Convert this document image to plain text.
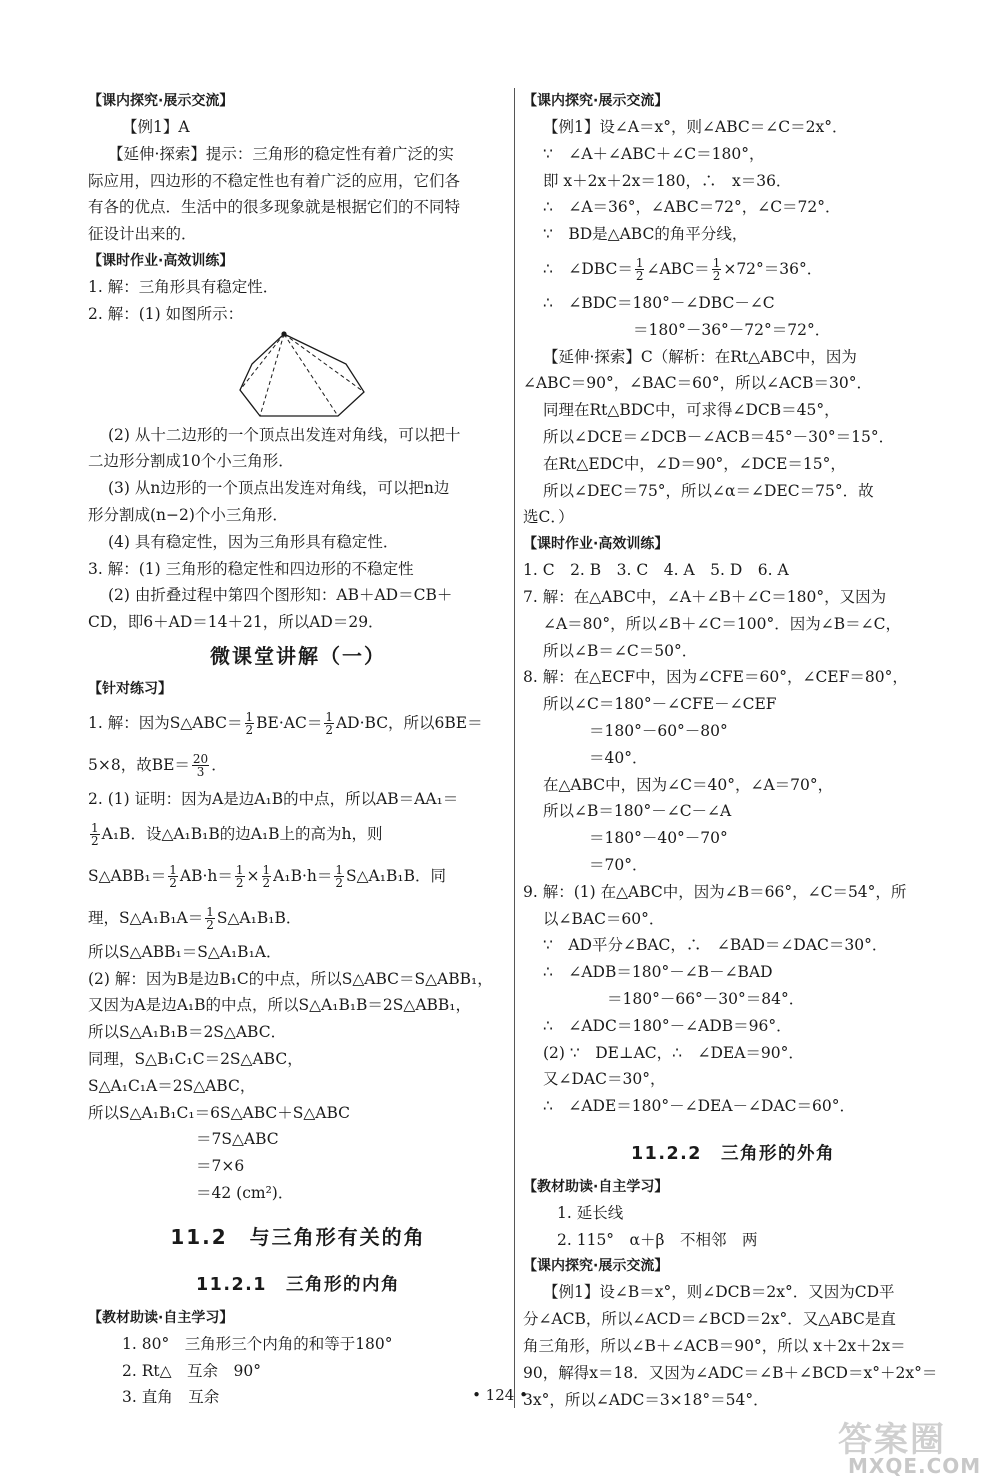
【课内探究·展示交流】
【例1】A
【延伸·探索】提示：三角形的稳定性有着广泛的实
际应用，四边形的不稳定性也有着广泛的应用，它们各
有各的优点．生活中的很多现象就是根据它们的不同特
征设计出来的．
【课时作业·高效训练】
1. 解：三角形具有稳定性．
2. 解：(1) 如图所示：
(2) 从十二边形的一个顶点出发连对角线，可以把十
二边形分割成10个小三角形．
(3) 从n边形的一个顶点出发连对角线，可以把n边
形分割成(n−2)个小三角形．
(4) 具有稳定性，因为三角形具有稳定性．
3. 解：(1) 三角形的稳定性和四边形的不稳定性
(2) 由折叠过程中第四个图形知：AB＋AD＝CB＋
CD，即6＋AD＝14＋21，所以AD＝29．
微课堂讲解（一）
【针对练习】
1. 解：因为S△ABC＝ $\frac{1}{2} BE\cdot AC= \frac{1}{2} AD\cdot BC$，所以6BE＝
5×8，故$BE= \frac{20}{3}$ ．
2. (1) 证明：因为A是边A₁B的中点，所以AB＝AA₁＝
$\frac{1}{2} A_1B$．设△A₁B₁B的边A₁B上的高为h，则
S△ABB₁＝ $\frac{1}{2} AB\cdot h= \frac{1}{2} \times \frac{1}{2} A_1B\cdot h= \frac{1}{2}$ S△A₁B₁B．同
理，S△A₁B₁A＝ $\frac{1}{2}$ S△A₁B₁B．
所以S△ABB₁＝S△A₁B₁A．
(2) 解：因为B是边B₁C的中点，所以S△ABC＝S△ABB₁，
又因为A是边A₁B的中点，所以S△A₁B₁B＝2S△ABB₁，
所以S△A₁B₁B＝2S△ABC．
同理，S△B₁C₁C＝2S△ABC，
S△A₁C₁A＝2S△ABC，
所以S△A₁B₁C₁＝6S△ABC＋S△ABC
＝7S△ABC
＝7×6
＝42 (cm²)．
11.2　与三角形有关的角
11.2.1　三角形的内角
【教材助读·自主学习】
1. 80°　三角形三个内角的和等于180°
2. Rt△　互余　90°
3. 直角　互余
【课内探究·展示交流】
【例1】设∠A＝x°，则∠ABC＝∠C＝2x°．
∵　∠A＋∠ABC＋∠C＝180°，
即 x＋2x＋2x＝180，∴　x＝36．
∴　∠A＝36°，∠ABC＝72°，∠C＝72°．
∵　BD是△ABC的角平分线，
∴　∠DBC＝ $\frac{1}{2}$ ∠ABC＝ $\frac{1}{2} \times 72^\circ=36^\circ$．
∴　∠BDC＝180°－∠DBC－∠C
＝180°－36°－72°＝72°．
【延伸·探索】C（解析：在Rt△ABC中，因为
∠ABC＝90°，∠BAC＝60°，所以∠ACB＝30°．
同理在Rt△BDC中，可求得∠DCB＝45°，
所以∠DCE＝∠DCB－∠ACB＝45°－30°＝15°．
在Rt△EDC中，∠D＝90°，∠DCE＝15°，
所以∠DEC＝75°，所以∠α＝∠DEC＝75°．故
选C．）
【课时作业·高效训练】
1. C　2. B　3. C　4. A　5. D　6. A
7. 解：在△ABC中，∠A＋∠B＋∠C＝180°，又因为
∠A＝80°，所以∠B＋∠C＝100°．因为∠B＝∠C，
所以∠B＝∠C＝50°．
8. 解：在△ECF中，因为∠CFE＝60°，∠CEF＝80°，
所以∠C＝180°－∠CFE－∠CEF
＝180°－60°－80°
＝40°．
在△ABC中，因为∠C＝40°，∠A＝70°，
所以∠B＝180°－∠C－∠A
＝180°－40°－70°
＝70°．
9. 解：(1) 在△ABC中，因为∠B＝66°，∠C＝54°，所
以∠BAC＝60°．
∵　AD平分∠BAC，∴　∠BAD＝∠DAC＝30°．
∴　∠ADB＝180°－∠B－∠BAD
＝180°－66°－30°＝84°．
∴　∠ADC＝180°－∠ADB＝96°．
(2) ∵　DE⊥AC，∴　∠DEA＝90°．
又∠DAC＝30°，
∴　∠ADE＝180°－∠DEA－∠DAC＝60°．
11.2.2　三角形的外角
【教材助读·自主学习】
1. 延长线
2. 115°　α＋β　不相邻　两
【课内探究·展示交流】
【例1】设∠B＝x°，则∠DCB＝2x°．又因为CD平
分∠ACB，所以∠ACD＝∠BCD＝2x°．又△ABC是直
角三角形，所以∠B＋∠ACB＝90°，所以 x＋2x＋2x＝
90，解得x＝18．又因为∠ADC＝∠B＋∠BCD＝x°＋2x°＝
3x°，所以∠ADC＝3×18°＝54°．
• 124 •
答案圈
MXQE.COM
